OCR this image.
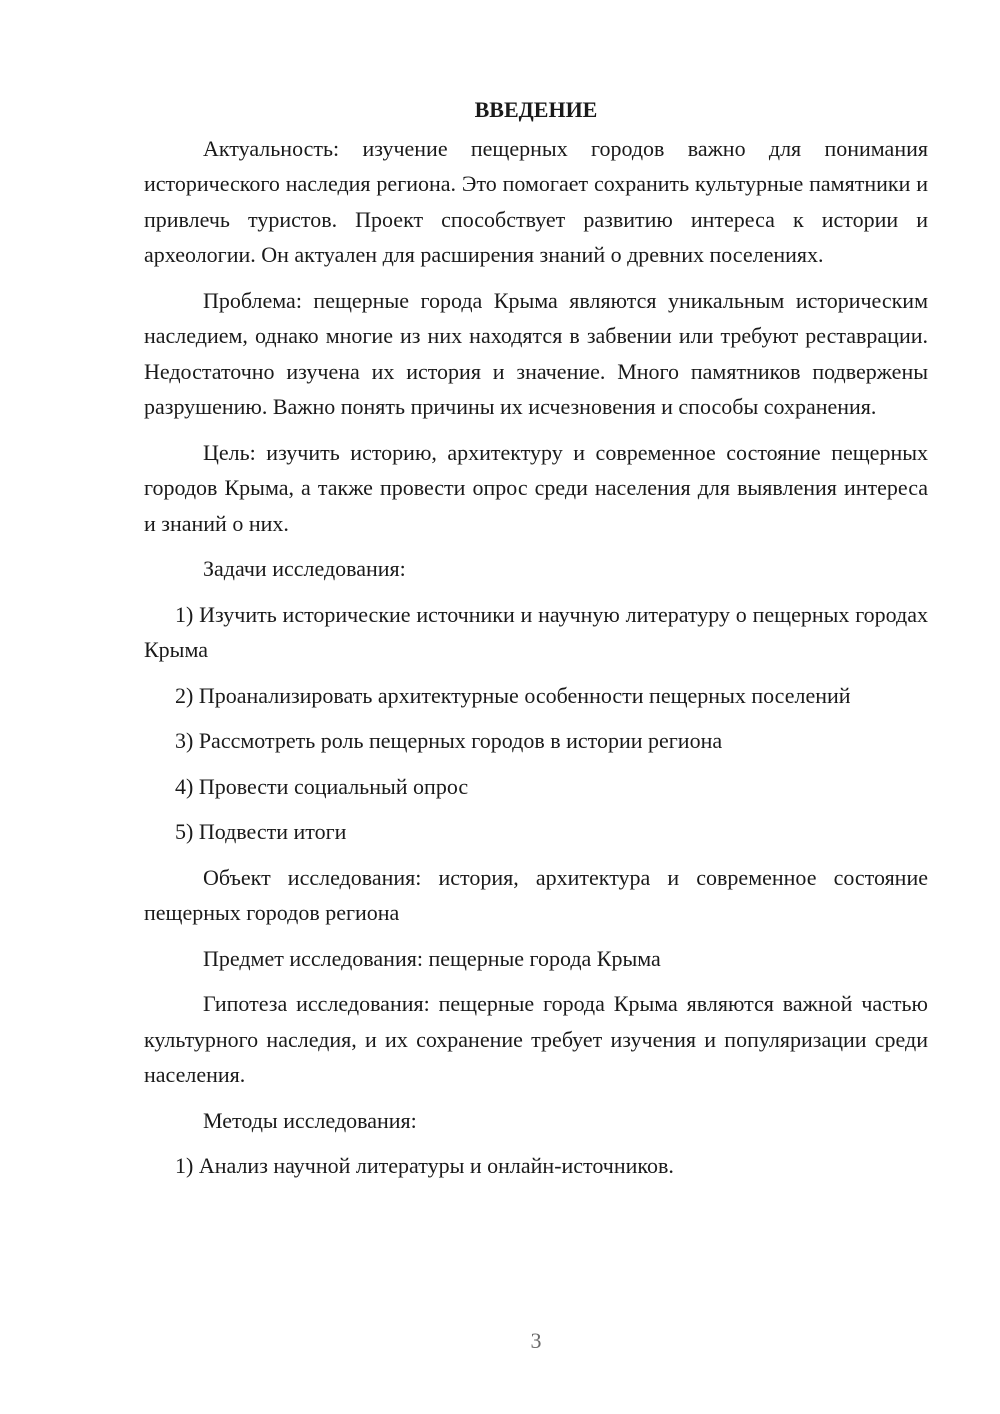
ВВЕДЕНИЕ

Актуальность: изучение пещерных городов важно для понимания исторического наследия региона. Это помогает сохранить культурные памятники и привлечь туристов. Проект способствует развитию интереса к истории и археологии. Он актуален для расширения знаний о древних поселениях.

Проблема: пещерные города Крыма являются уникальным историческим наследием, однако многие из них находятся в забвении или требуют реставрации. Недостаточно изучена их история и значение. Много памятников подвержены разрушению. Важно понять причины их исчезновения и способы сохранения.

Цель: изучить историю, архитектуру и современное состояние пещерных городов Крыма, а также провести опрос среди населения для выявления интереса и знаний о них.

Задачи исследования:

1) Изучить исторические источники и научную литературу о пещерных городах Крыма

2) Проанализировать архитектурные особенности пещерных поселений

3) Рассмотреть роль пещерных городов в истории региона

4) Провести социальный опрос

5) Подвести итоги

Объект исследования: история, архитектура и современное состояние пещерных городов региона

Предмет исследования: пещерные города Крыма

Гипотеза исследования: пещерные города Крыма являются важной частью культурного наследия, и их сохранение требует изучения и популяризации среди населения.

Методы исследования:

1) Анализ научной литературы и онлайн-источников.

3
